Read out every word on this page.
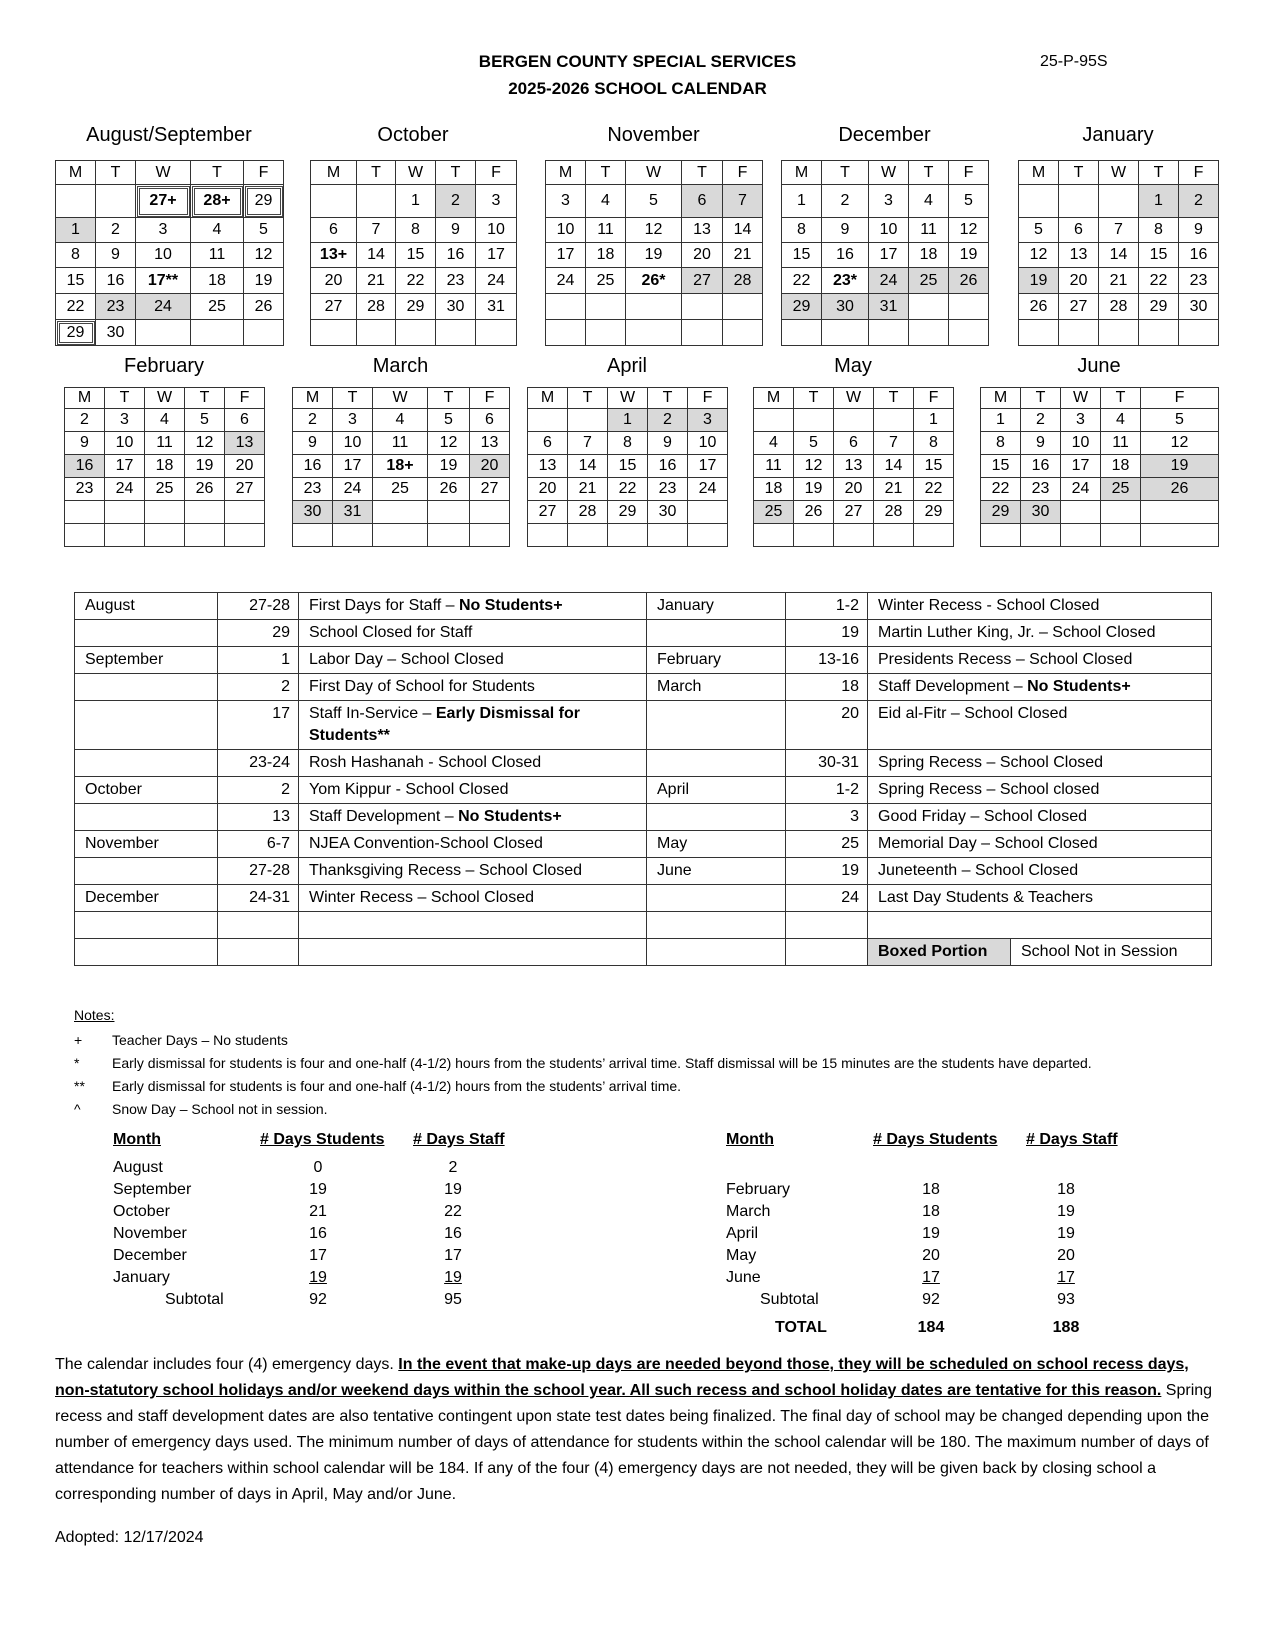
BERGEN COUNTY SPECIAL SERVICES
2025-2026 SCHOOL CALENDAR
25-P-95S
August/September
M	T	W	T	F
		27+	28+	29
1	2	3	4	5
8	9	10	11	12
15	16	17**	18	19
22	23	24	25	26
29	30			
October
M	T	W	T	F
		1	2	3
6	7	8	9	10
13+	14	15	16	17
20	21	22	23	24
27	28	29	30	31

November
M	T	W	T	F
3	4	5	6	7
10	11	12	13	14
17	18	19	20	21
24	25	26*	27	28

December
M	T	W	T	F
1	2	3	4	5
8	9	10	11	12
15	16	17	18	19
22	23*	24	25	26
29	30	31		

January
M	T	W	T	F
			1	2
5	6	7	8	9
12	13	14	15	16
19	20	21	22	23
26	27	28	29	30

February
M	T	W	T	F
2	3	4	5	6
9	10	11	12	13
16	17	18	19	20
23	24	25	26	27

March
M	T	W	T	F
2	3	4	5	6
9	10	11	12	13
16	17	18+	19	20
23	24	25	26	27
30	31			

April
M	T	W	T	F
		1	2	3
6	7	8	9	10
13	14	15	16	17
20	21	22	23	24
27	28	29	30	

May
M	T	W	T	F
				1
4	5	6	7	8
11	12	13	14	15
18	19	20	21	22
25	26	27	28	29

June
M	T	W	T	F
1	2	3	4	5
8	9	10	11	12
15	16	17	18	19
22	23	24	25	26
29	30			

August	27-28	First Days for Staff – No Students+	January	1-2	Winter Recess - School Closed	
	29	School Closed for Staff		19	Martin Luther King, Jr. – School Closed	
September	1	Labor Day – School Closed	February	13-16	Presidents Recess – School Closed	
	2	First Day of School for Students	March	18	Staff Development – No Students+	
	17	Staff In-Service – Early Dismissal for Students**		20	Eid al-Fitr – School Closed	
	23-24	Rosh Hashanah - School Closed		30-31	Spring Recess – School Closed	
October	2	Yom Kippur - School Closed	April	1-2	Spring Recess – School closed	
	13	Staff Development – No Students+		3	Good Friday – School Closed	
November	6-7	NJEA Convention-School Closed	May	25	Memorial Day – School Closed	
	27-28	Thanksgiving Recess – School Closed	June	19	Juneteenth – School Closed	
December	24-31	Winter Recess – School Closed		24	Last Day Students & Teachers	

					Boxed Portion	School Not in Session
Notes:
+	Teacher Days – No students
*	Early dismissal for students is four and one-half (4-1/2) hours from the students’ arrival time. Staff dismissal will be 15 minutes are the students have departed.
**	Early dismissal for students is four and one-half (4-1/2) hours from the students’ arrival time.
^	Snow Day – School not in session.
Month	# Days Students # Days Staff
August	0	2
September	19	19
October	21	22
November	16	16
December	17	17
January	19	19
Subtotal	92	95
Month	# Days Students # Days Staff
February	18	18
March	18	19
April	19	19
May	20	20
June	17	17
Subtotal	92	93
TOTAL	184	188
The calendar includes four (4) emergency days. In the event that make-up days are needed beyond those, they will be scheduled on school recess days, non-statutory school holidays and/or weekend days within the school year. All such recess and school holiday dates are tentative for this reason. Spring recess and staff development dates are also tentative contingent upon state test dates being finalized. The final day of school may be changed depending upon the number of emergency days used. The minimum number of days of attendance for students within the school calendar will be 180. The maximum number of days of attendance for teachers within school calendar will be 184. If any of the four (4) emergency days are not needed, they will be given back by closing school a corresponding number of days in April, May and/or June.
Adopted: 12/17/2024
